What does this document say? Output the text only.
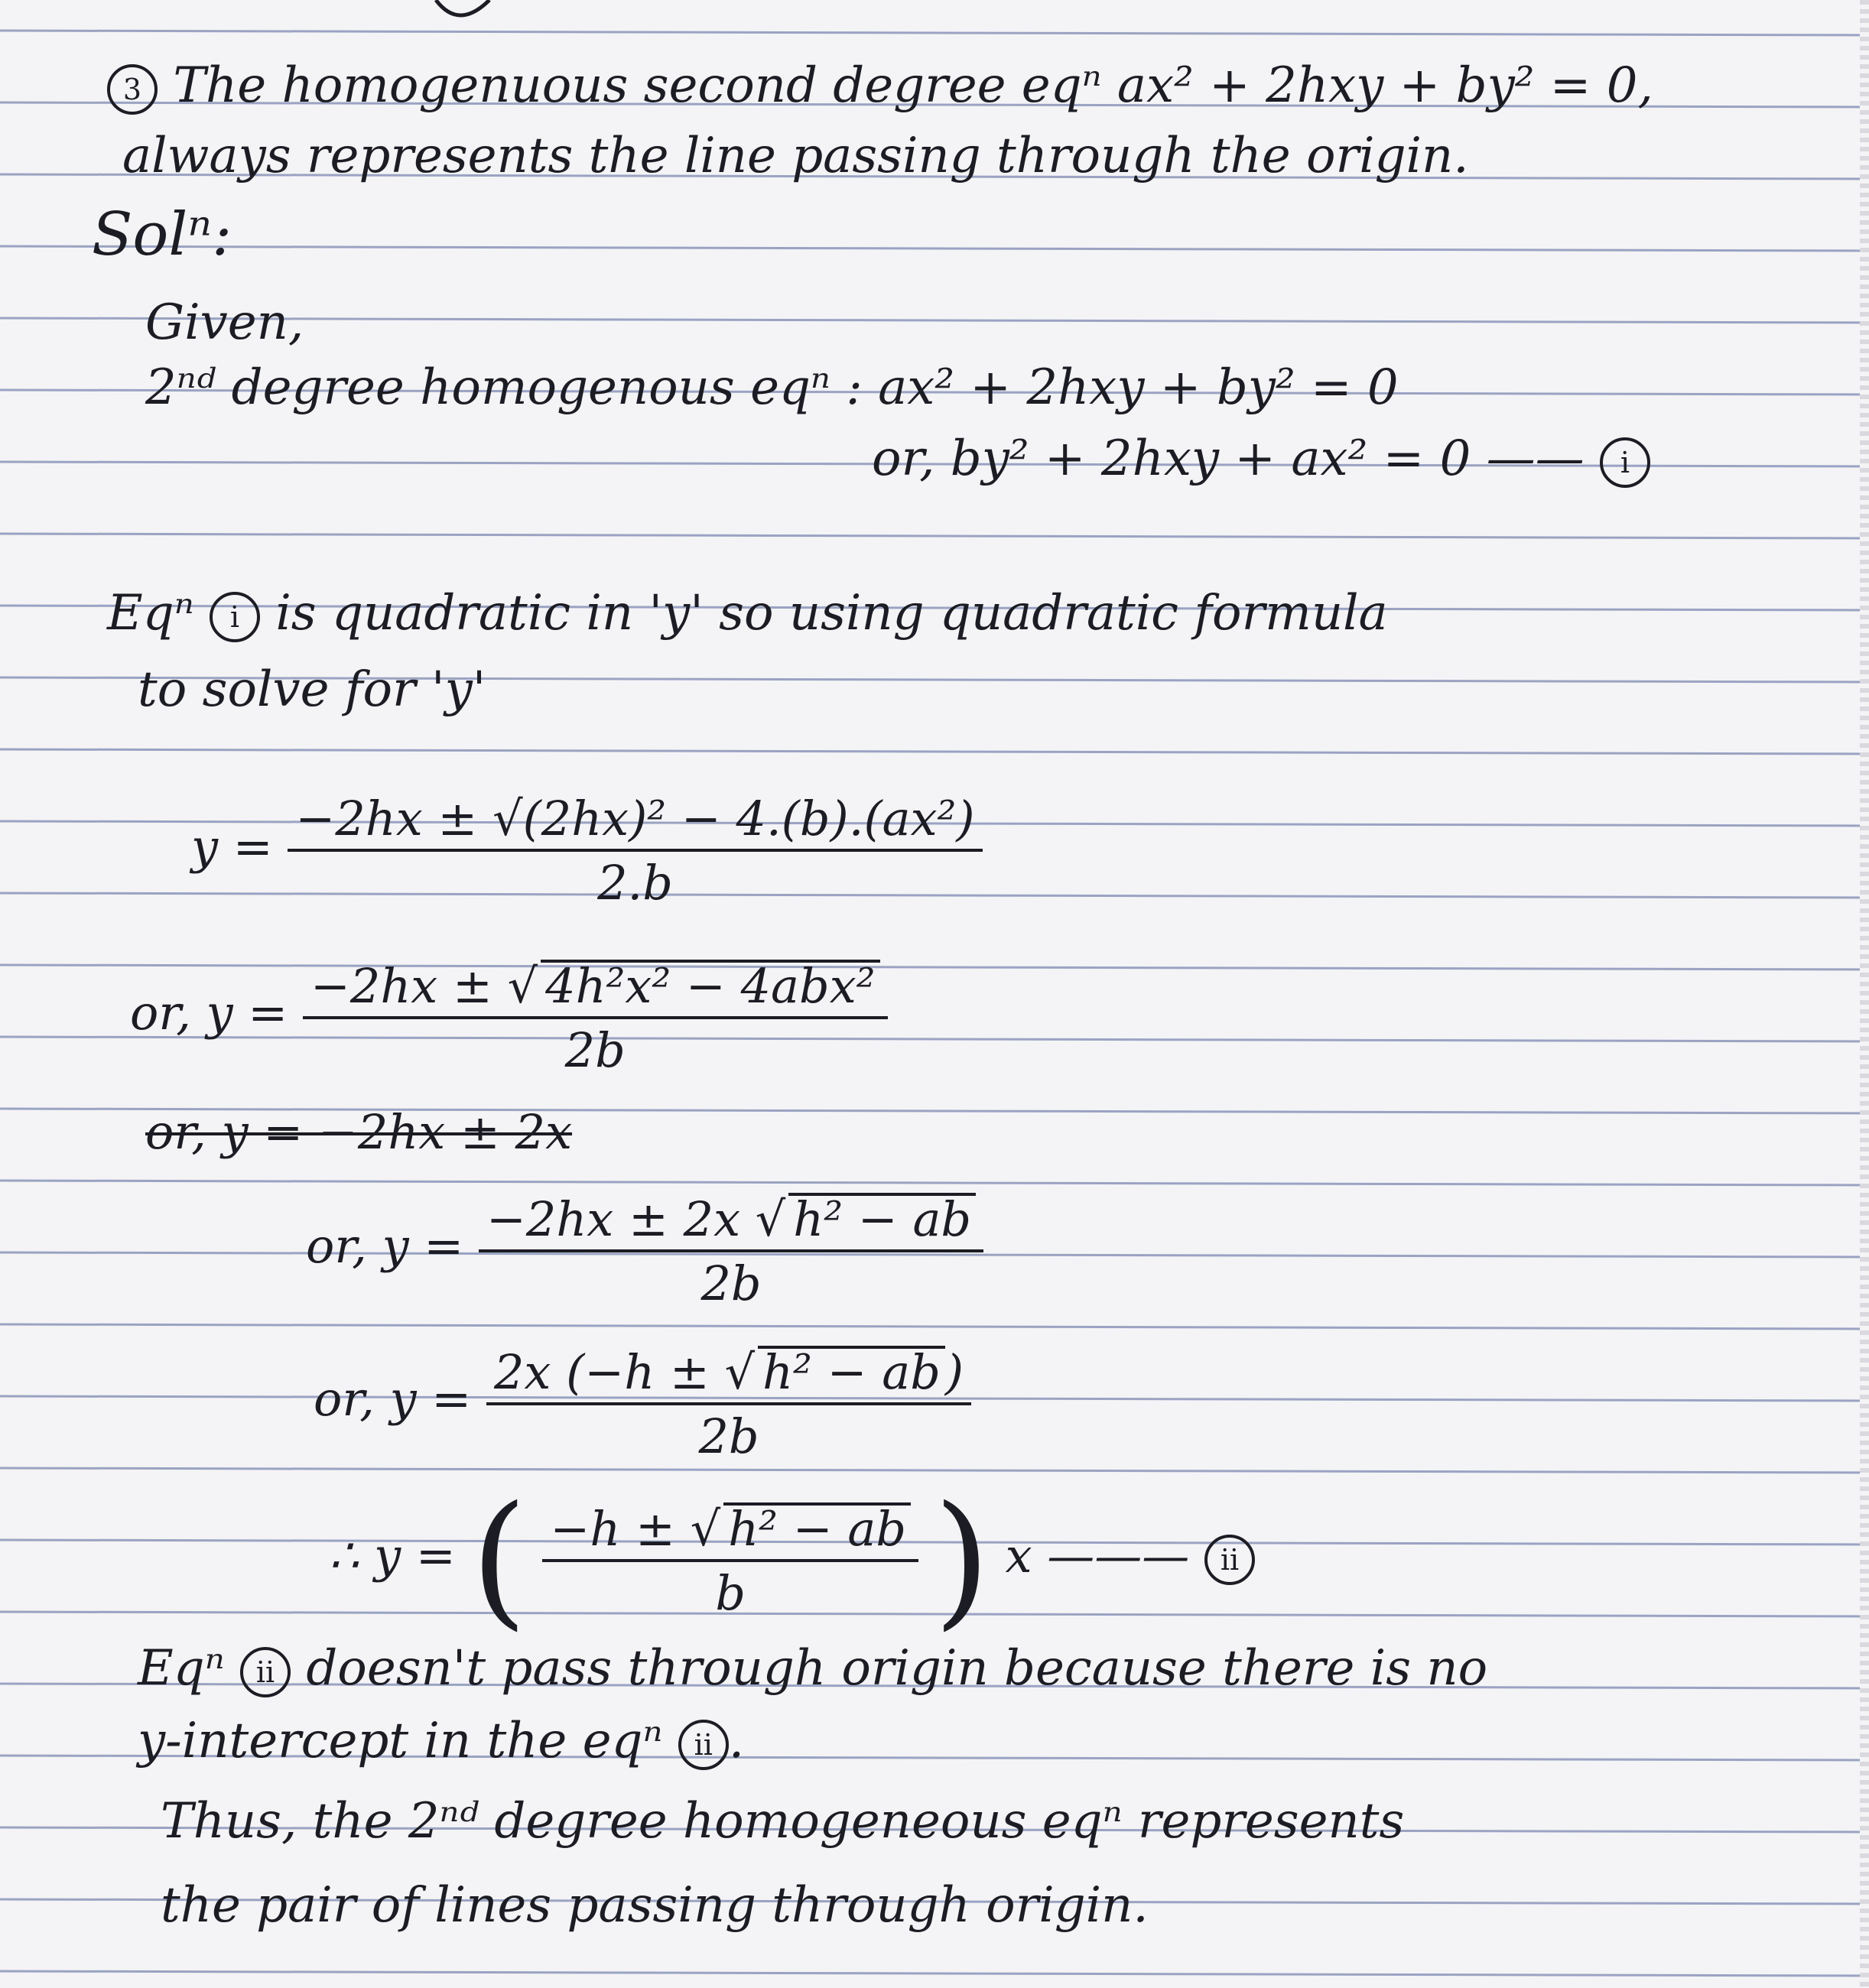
3 The homogenuous second degree eqⁿ ax² + 2hxy + by² = 0,
always represents the line passing through the origin.
Solⁿ:
Given,
2ⁿᵈ degree homogenous eqⁿ : ax² + 2hxy + by² = 0
or, by² + 2hxy + ax² = 0 —— i
Eqⁿ i is quadratic in 'y' so using quadratic formula
to solve for 'y'
$y = \frac{\text{−2hx ± √(2hx)² − 4.(b).(ax²)}}{2.b}$
or, $y = \frac{\text{−2hx ± √ 4h²x² − 4abx²}}{2b}$
or, y = −2hx ± 2x
or, $y = \frac{\text{−2hx ± 2x √ h² − ab}}{2b}$
or, $y = \frac{\text{2x (−h ± √ h² − ab)}}{2b}$
∴ y = ( $\frac{\text{−h ± √ h² − ab}}{b}$ ) x ——— ii
Eqⁿ ii doesn't pass through origin because there is no
y-intercept in the eqⁿ ii .
Thus, the 2ⁿᵈ degree homogeneous eqⁿ represents
the pair of lines passing through origin.
